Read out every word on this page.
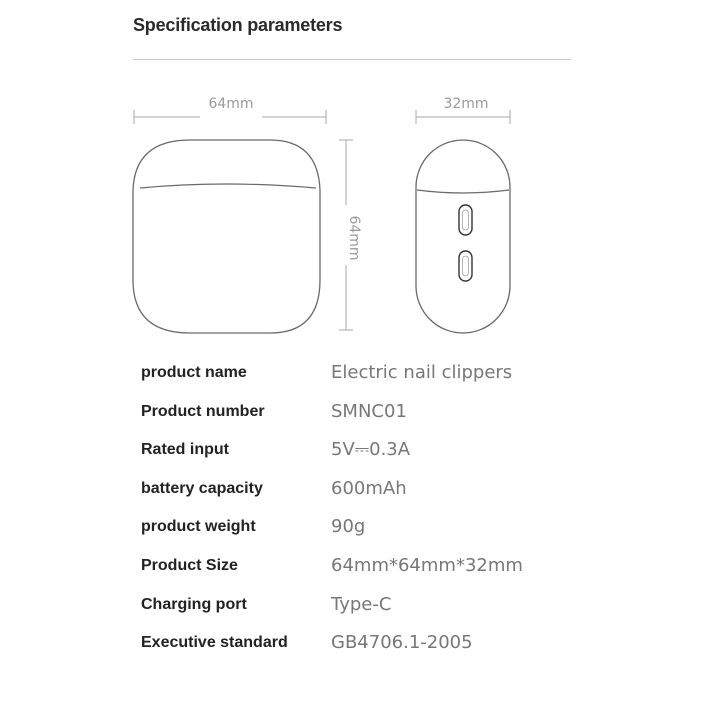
Specification parameters
64mm	32mm
64mm
product name	Electric nail clippers
Product number	SMNC01
Rated input	5V⎓0.3A
battery capacity	600mAh
product weight	90g
Product Size	64mm*64mm*32mm
Charging port	Type-C
Executive standard GB4706.1-2005
